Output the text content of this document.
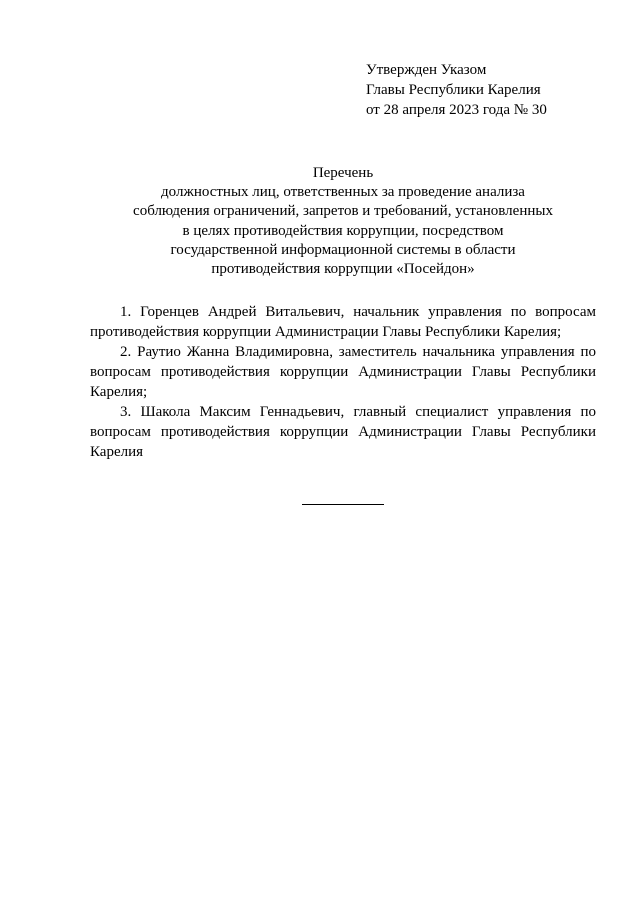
Утвержден Указом
Главы Республики Карелия
от 28 апреля 2023 года № 30
Перечень
должностных лиц, ответственных за проведение анализа
соблюдения ограничений, запретов и требований, установленных
в целях противодействия коррупции, посредством
государственной информационной системы в области
противодействия коррупции «Посейдон»

1. Горенцев Андрей Витальевич, начальник управления по вопросам противодействия коррупции Администрации Главы Республики Карелия;

2. Раутио Жанна Владимировна, заместитель начальника управления по вопросам противодействия коррупции Администрации Главы Республики Карелия;

3. Шакола Максим Геннадьевич, главный специалист управления по вопросам противодействия коррупции Администрации Главы Республики Карелия
